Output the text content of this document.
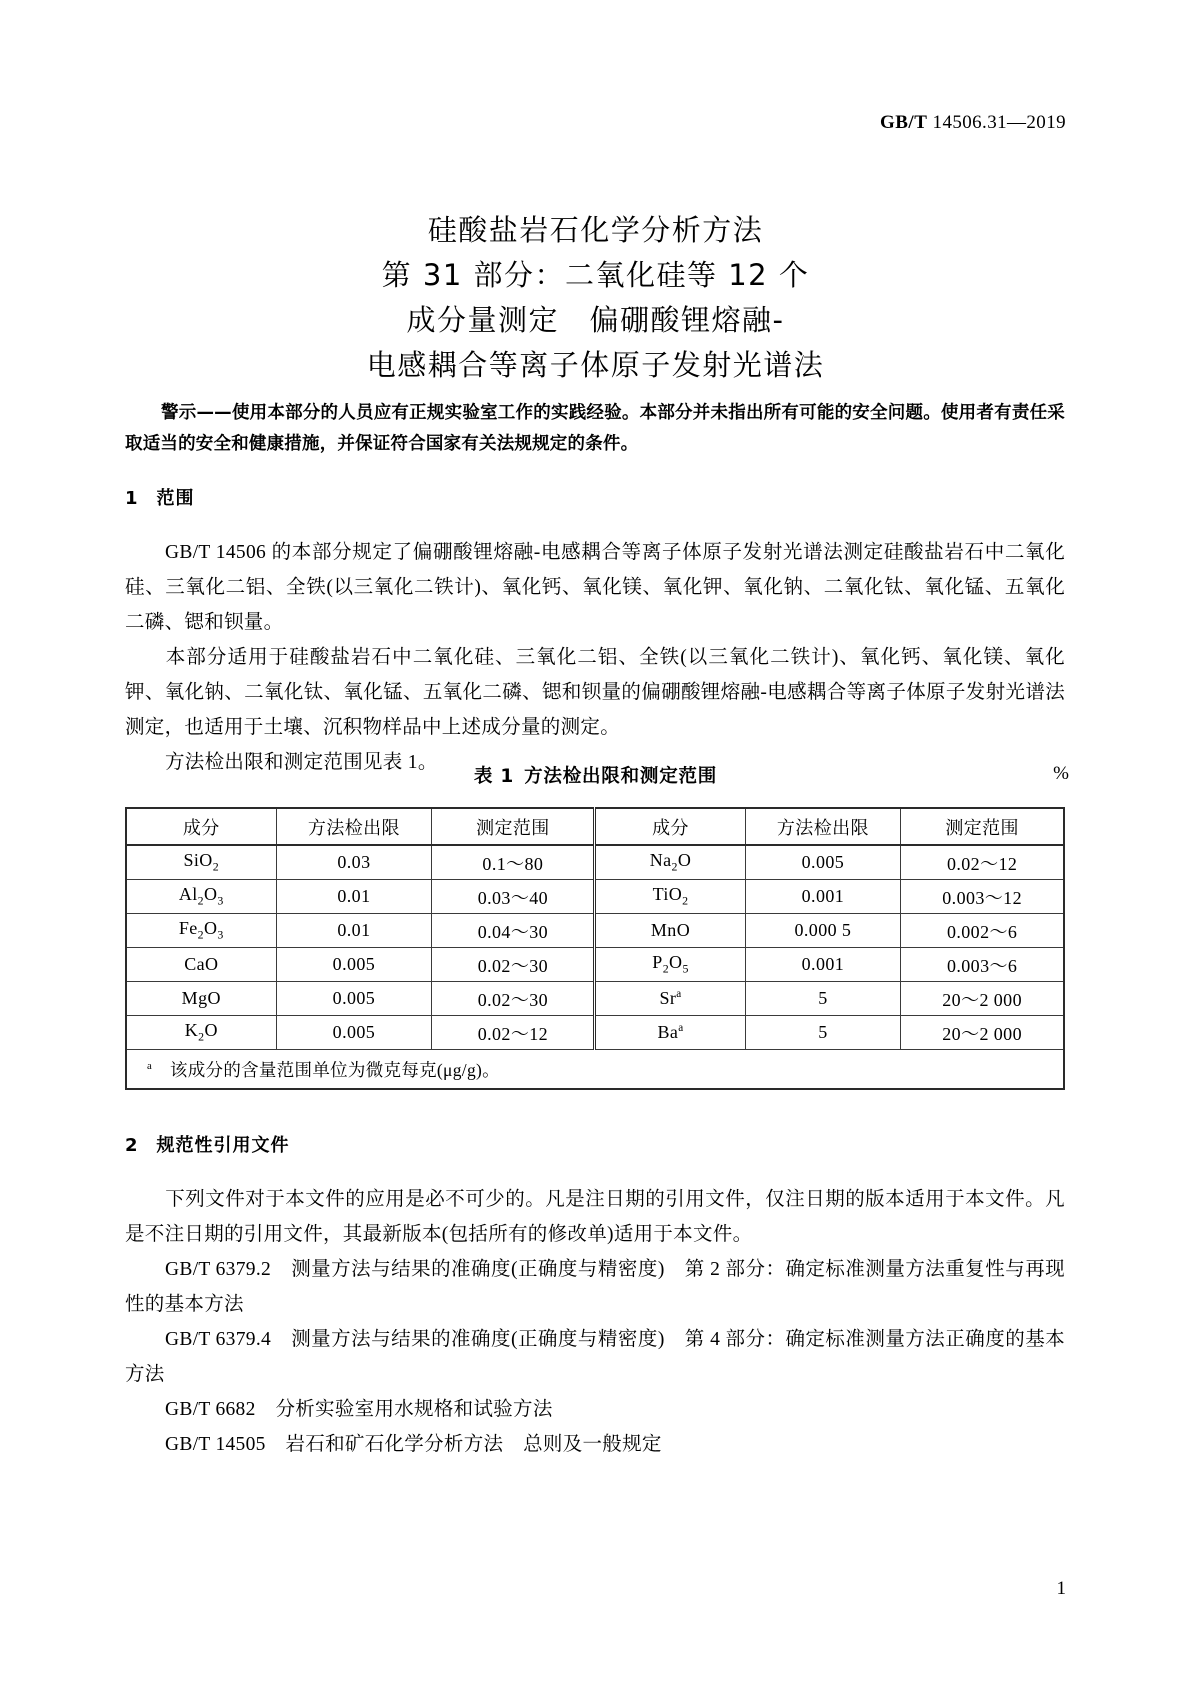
GB/T 14506.31—2019
硅酸盐岩石化学分析方法
第 31 部分：二氧化硅等 12 个
成分量测定　偏硼酸锂熔融-
电感耦合等离子体原子发射光谱法
警示——使用本部分的人员应有正规实验室工作的实践经验。本部分并未指出所有可能的安全问题。使用者有责任采取适当的安全和健康措施，并保证符合国家有关法规规定的条件。
1 范围

GB/T 14506 的本部分规定了偏硼酸锂熔融-电感耦合等离子体原子发射光谱法测定硅酸盐岩石中二氧化硅、三氧化二铝、全铁(以三氧化二铁计)、氧化钙、氧化镁、氧化钾、氧化钠、二氧化钛、氧化锰、五氧化二磷、锶和钡量。

本部分适用于硅酸盐岩石中二氧化硅、三氧化二铝、全铁(以三氧化二铁计)、氧化钙、氧化镁、氧化钾、氧化钠、二氧化钛、氧化锰、五氧化二磷、锶和钡量的偏硼酸锂熔融-电感耦合等离子体原子发射光谱法测定，也适用于土壤、沉积物样品中上述成分量的测定。

方法检出限和测定范围见表 1。

表 1 方法检出限和测定范围	%
成分	方法检出限	测定范围	成分	方法检出限	测定范围
SiO$_2$	0.03	0.1～80	$Na_2O$	0.005	0.02～12
$Al_2O_3$	0.01	0.03～40	TiO$_2$	0.001	0.003～12
$Fe_2O_3$	0.01	0.04～30	MnO	0.000 5	0.002～6
CaO	0.005	0.02～30	$P_2O_5$	0.001	0.003～6
MgO	0.005	0.02～30	Sr$^a$	5	20～2 000
$K_2O$	0.005	0.02～12	Ba$^a$	5	20～2 000
$^a$ 该成分的含量范围单位为微克每克(μg/g)。					
2 规范性引用文件

下列文件对于本文件的应用是必不可少的。凡是注日期的引用文件，仅注日期的版本适用于本文件。凡是不注日期的引用文件，其最新版本(包括所有的修改单)适用于本文件。

GB/T 6379.2　测量方法与结果的准确度(正确度与精密度)　第 2 部分：确定标准测量方法重复性与再现性的基本方法

GB/T 6379.4　测量方法与结果的准确度(正确度与精密度)　第 4 部分：确定标准测量方法正确度的基本方法

GB/T 6682　分析实验室用水规格和试验方法

GB/T 14505　岩石和矿石化学分析方法　总则及一般规定

1
